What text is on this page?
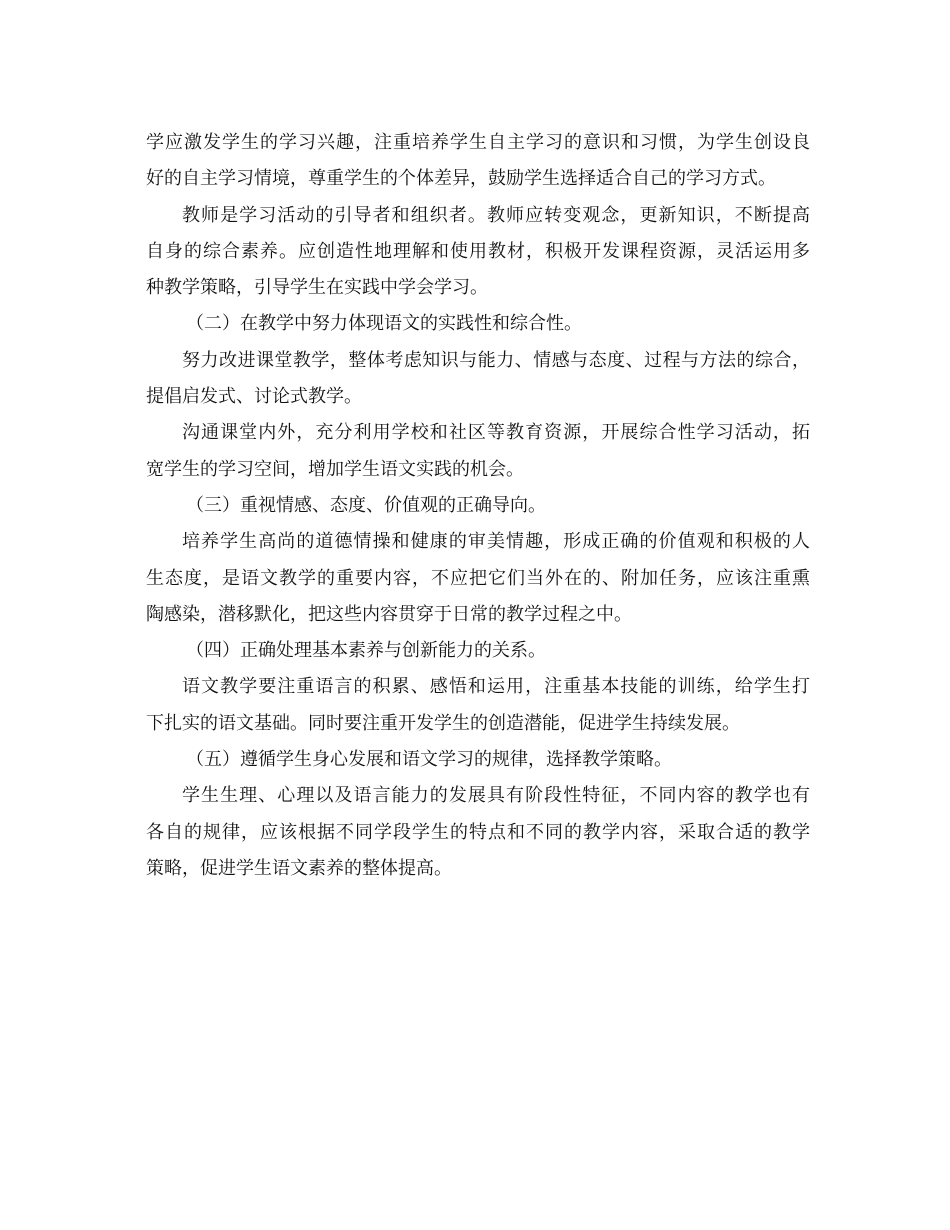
学应激发学生的学习兴趣，注重培养学生自主学习的意识和习惯，为学生创设良
好的自主学习情境，尊重学生的个体差异，鼓励学生选择适合自己的学习方式。
教师是学习活动的引导者和组织者。教师应转变观念，更新知识，不断提高
自身的综合素养。应创造性地理解和使用教材，积极开发课程资源，灵活运用多
种教学策略，引导学生在实践中学会学习。
（二）在教学中努力体现语文的实践性和综合性。
努力改进课堂教学，整体考虑知识与能力、情感与态度、过程与方法的综合，
提倡启发式、讨论式教学。
沟通课堂内外，充分利用学校和社区等教育资源，开展综合性学习活动，拓
宽学生的学习空间，增加学生语文实践的机会。
（三）重视情感、态度、价值观的正确导向。
培养学生高尚的道德情操和健康的审美情趣，形成正确的价值观和积极的人
生态度，是语文教学的重要内容，不应把它们当外在的、附加任务，应该注重熏
陶感染，潜移默化，把这些内容贯穿于日常的教学过程之中。
（四）正确处理基本素养与创新能力的关系。
语文教学要注重语言的积累、感悟和运用，注重基本技能的训练，给学生打
下扎实的语文基础。同时要注重开发学生的创造潜能，促进学生持续发展。
（五）遵循学生身心发展和语文学习的规律，选择教学策略。
学生生理、心理以及语言能力的发展具有阶段性特征，不同内容的教学也有
各自的规律，应该根据不同学段学生的特点和不同的教学内容，采取合适的教学
策略，促进学生语文素养的整体提高。
